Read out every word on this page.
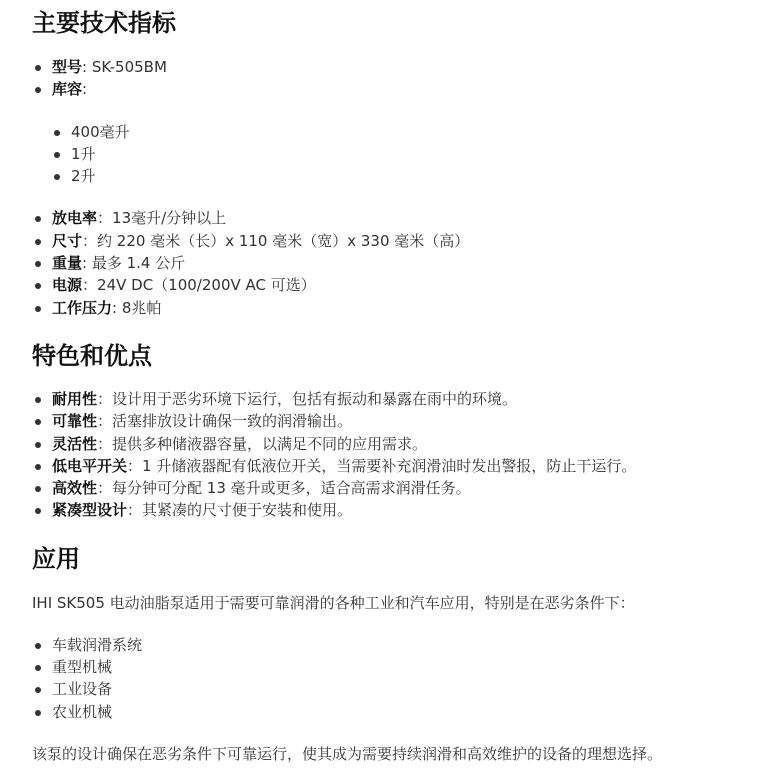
主要技术指标
型号: SK-505BM
库容:
400毫升
1升
2升
放电率：13毫升/分钟以上
尺寸：约 220 毫米（长）x 110 毫米（宽）x 330 毫米（高）
重量: 最多 1.4 公斤
电源：24V DC（100/200V AC 可选）
工作压力: 8兆帕
特色和优点
耐用性：设计用于恶劣环境下运行，包括有振动和暴露在雨中的环境。
可靠性：活塞排放设计确保一致的润滑输出。
灵活性：提供多种储液器容量，以满足不同的应用需求。
低电平开关：1 升储液器配有低液位开关，当需要补充润滑油时发出警报，防止干运行。
高效性：每分钟可分配 13 毫升或更多，适合高需求润滑任务。
紧凑型设计：其紧凑的尺寸便于安装和使用。
应用

IHI SK505 电动油脂泵适用于需要可靠润滑的各种工业和汽车应用，特别是在恶劣条件下：

车载润滑系统
重型机械
工业设备
农业机械

该泵的设计确保在恶劣条件下可靠运行，使其成为需要持续润滑和高效维护的设备的理想选择。
